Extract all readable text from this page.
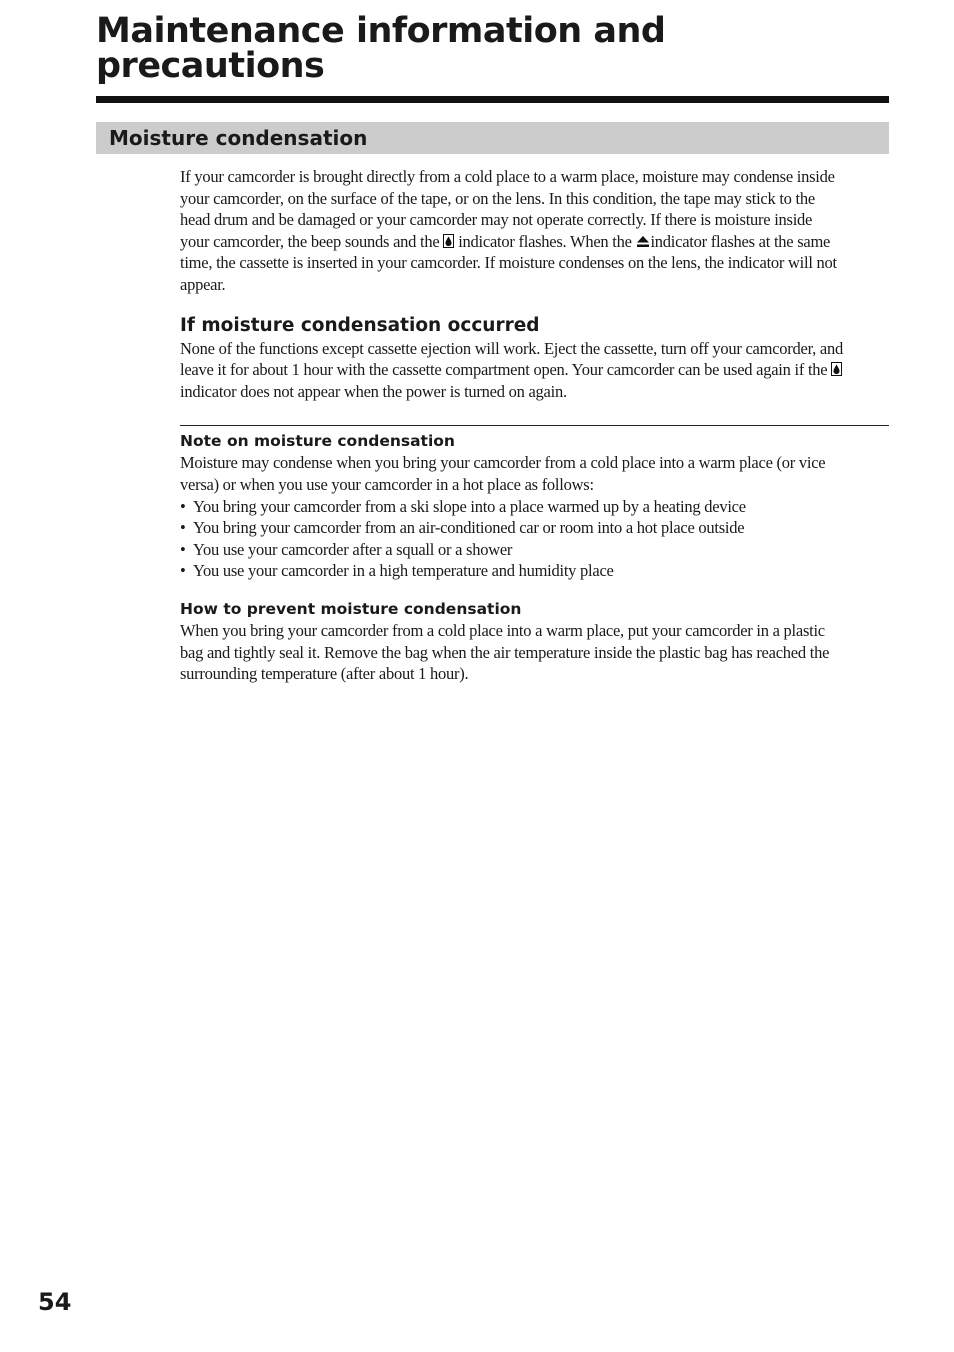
Maintenance information and precautions
Moisture condensation

If your camcorder is brought directly from a cold place to a warm place, moisture may condense inside your camcorder, on the surface of the tape, or on the lens. In this condition, the tape may stick to the head drum and be damaged or your camcorder may not operate correctly. If there is moisture inside your camcorder, the beep sounds and the indicator flashes. When the indicator flashes at the same time, the cassette is inserted in your camcorder. If moisture condenses on the lens, the indicator will not appear.

If moisture condensation occurred

None of the functions except cassette ejection will work. Eject the cassette, turn off your camcorder, and leave it for about 1 hour with the cassette compartment open. Your camcorder can be used again if the
indicator does not appear when the power is turned on again.

Note on moisture condensation

Moisture may condense when you bring your camcorder from a cold place into a warm place (or vice versa) or when you use your camcorder in a hot place as follows:

• You bring your camcorder from a ski slope into a place warmed up by a heating device
• You bring your camcorder from an air-conditioned car or room into a hot place outside
• You use your camcorder after a squall or a shower
• You use your camcorder in a high temperature and humidity place
How to prevent moisture condensation

When you bring your camcorder from a cold place into a warm place, put your camcorder in a plastic bag and tightly seal it. Remove the bag when the air temperature inside the plastic bag has reached the surrounding temperature (after about 1 hour).

54
